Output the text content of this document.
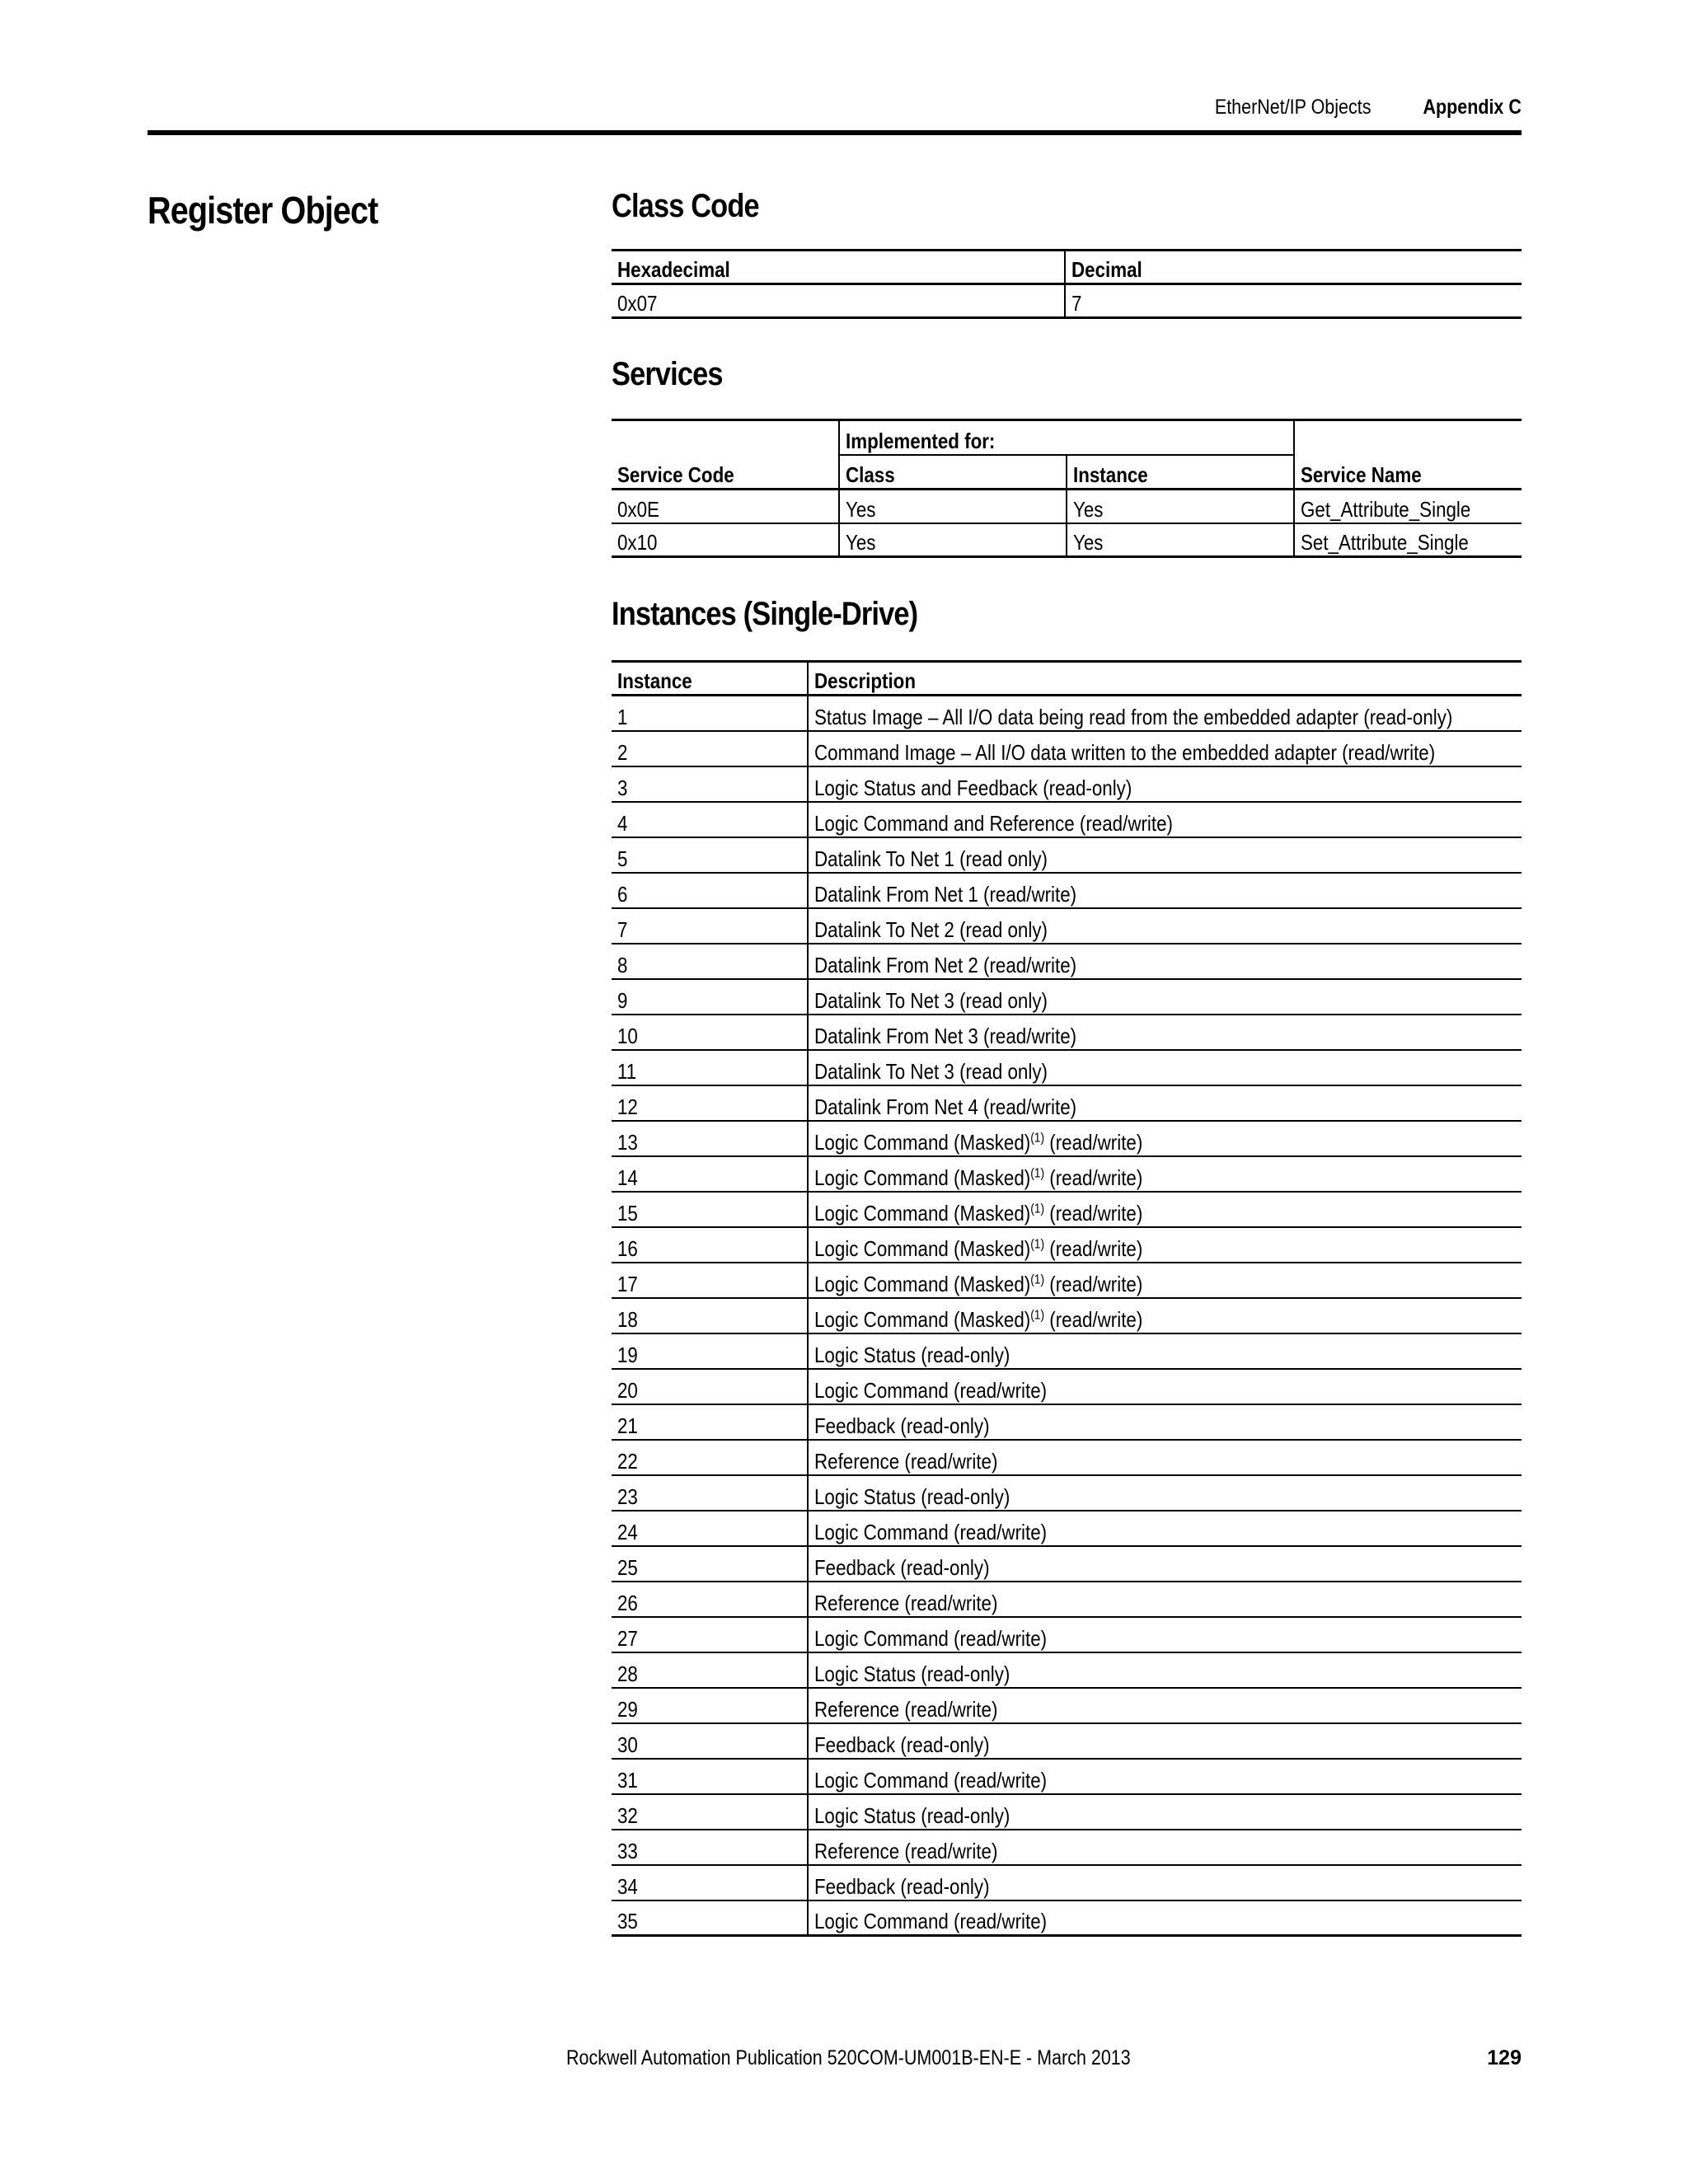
EtherNet/IP Objects	Appendix C
Register Object	Class Code
Hexadecimal	Decimal
0x07	7
Services
Service Code	Implemented for:		Service Name
	Class	Instance	
0x0E	Yes	Yes	Get_Attribute_Single
0x10	Yes	Yes	Set_Attribute_Single
Instances (Single-Drive)
Instance	Description
1	Status Image – All I/O data being read from the embedded adapter (read-only)
2	Command Image – All I/O data written to the embedded adapter (read/write)
3	Logic Status and Feedback (read-only)
4	Logic Command and Reference (read/write)
5	Datalink To Net 1 (read only)
6	Datalink From Net 1 (read/write)
7	Datalink To Net 2 (read only)
8	Datalink From Net 2 (read/write)
9	Datalink To Net 3 (read only)
10	Datalink From Net 3 (read/write)
11	Datalink To Net 3 (read only)
12	Datalink From Net 4 (read/write)
13	Logic Command (Masked)$^{(1)}$ (read/write)
14	Logic Command (Masked)$^{(1)}$ (read/write)
15	Logic Command (Masked)$^{(1)}$ (read/write)
16	Logic Command (Masked)$^{(1)}$ (read/write)
17	Logic Command (Masked)$^{(1)}$ (read/write)
18	Logic Command (Masked)$^{(1)}$ (read/write)
19	Logic Status (read-only)
20	Logic Command (read/write)
21	Feedback (read-only)
22	Reference (read/write)
23	Logic Status (read-only)
24	Logic Command (read/write)
25	Feedback (read-only)
26	Reference (read/write)
27	Logic Command (read/write)
28	Logic Status (read-only)
29	Reference (read/write)
30	Feedback (read-only)
31	Logic Command (read/write)
32	Logic Status (read-only)
33	Reference (read/write)
34	Feedback (read-only)
35	Logic Command (read/write)
Rockwell Automation Publication 520COM-UM001B-EN-E - March 2013	129
